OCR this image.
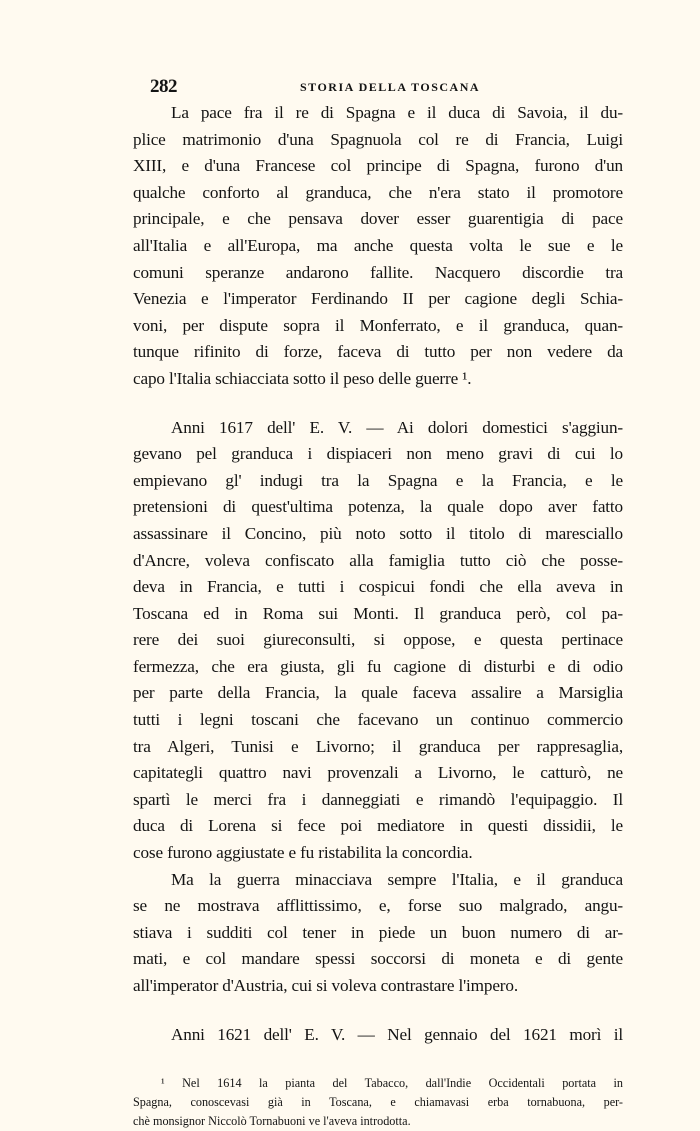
282	STORIA DELLA TOSCANA
La pace fra il re di Spagna e il duca di Savoia, il du-
plice matrimonio d'una Spagnuola col re di Francia, Luigi
XIII, e d'una Francese col principe di Spagna, furono d'un
qualche conforto al granduca, che n'era stato il promotore
principale, e che pensava dover esser guarentigia di pace
all'Italia e all'Europa, ma anche questa volta le sue e le
comuni speranze andarono fallite. Nacquero discordie tra
Venezia e l'imperator Ferdinando II per cagione degli Schia-
voni, per dispute sopra il Monferrato, e il granduca, quan-
tunque rifinito di forze, faceva di tutto per non vedere da
capo l'Italia schiacciata sotto il peso delle guerre ¹.
Anni 1617 dell' E. V. — Ai dolori domestici s'aggiun-
gevano pel granduca i dispiaceri non meno gravi di cui lo
empievano gl' indugi tra la Spagna e la Francia, e le
pretensioni di quest'ultima potenza, la quale dopo aver fatto
assassinare il Concino, più noto sotto il titolo di maresciallo
d'Ancre, voleva confiscato alla famiglia tutto ciò che posse-
deva in Francia, e tutti i cospicui fondi che ella aveva in
Toscana ed in Roma sui Monti. Il granduca però, col pa-
rere dei suoi giureconsulti, si oppose, e questa pertinace
fermezza, che era giusta, gli fu cagione di disturbi e di odio
per parte della Francia, la quale faceva assalire a Marsiglia
tutti i legni toscani che facevano un continuo commercio
tra Algeri, Tunisi e Livorno; il granduca per rappresaglia,
capitategli quattro navi provenzali a Livorno, le catturò, ne
spartì le merci fra i danneggiati e rimandò l'equipaggio. Il
duca di Lorena si fece poi mediatore in questi dissidii, le
cose furono aggiustate e fu ristabilita la concordia.
Ma la guerra minacciava sempre l'Italia, e il granduca
se ne mostrava afflittissimo, e, forse suo malgrado, angu-
stiava i sudditi col tener in piede un buon numero di ar-
mati, e col mandare spessi soccorsi di moneta e di gente
all'imperator d'Austria, cui si voleva contrastare l'impero.
Anni 1621 dell' E. V. — Nel gennaio del 1621 morì il
¹ Nel 1614 la pianta del Tabacco, dall'Indie Occidentali portata in
Spagna, conoscevasi già in Toscana, e chiamavasi erba tornabuona, per-
chè monsignor Niccolò Tornabuoni ve l'aveva introdotta.
